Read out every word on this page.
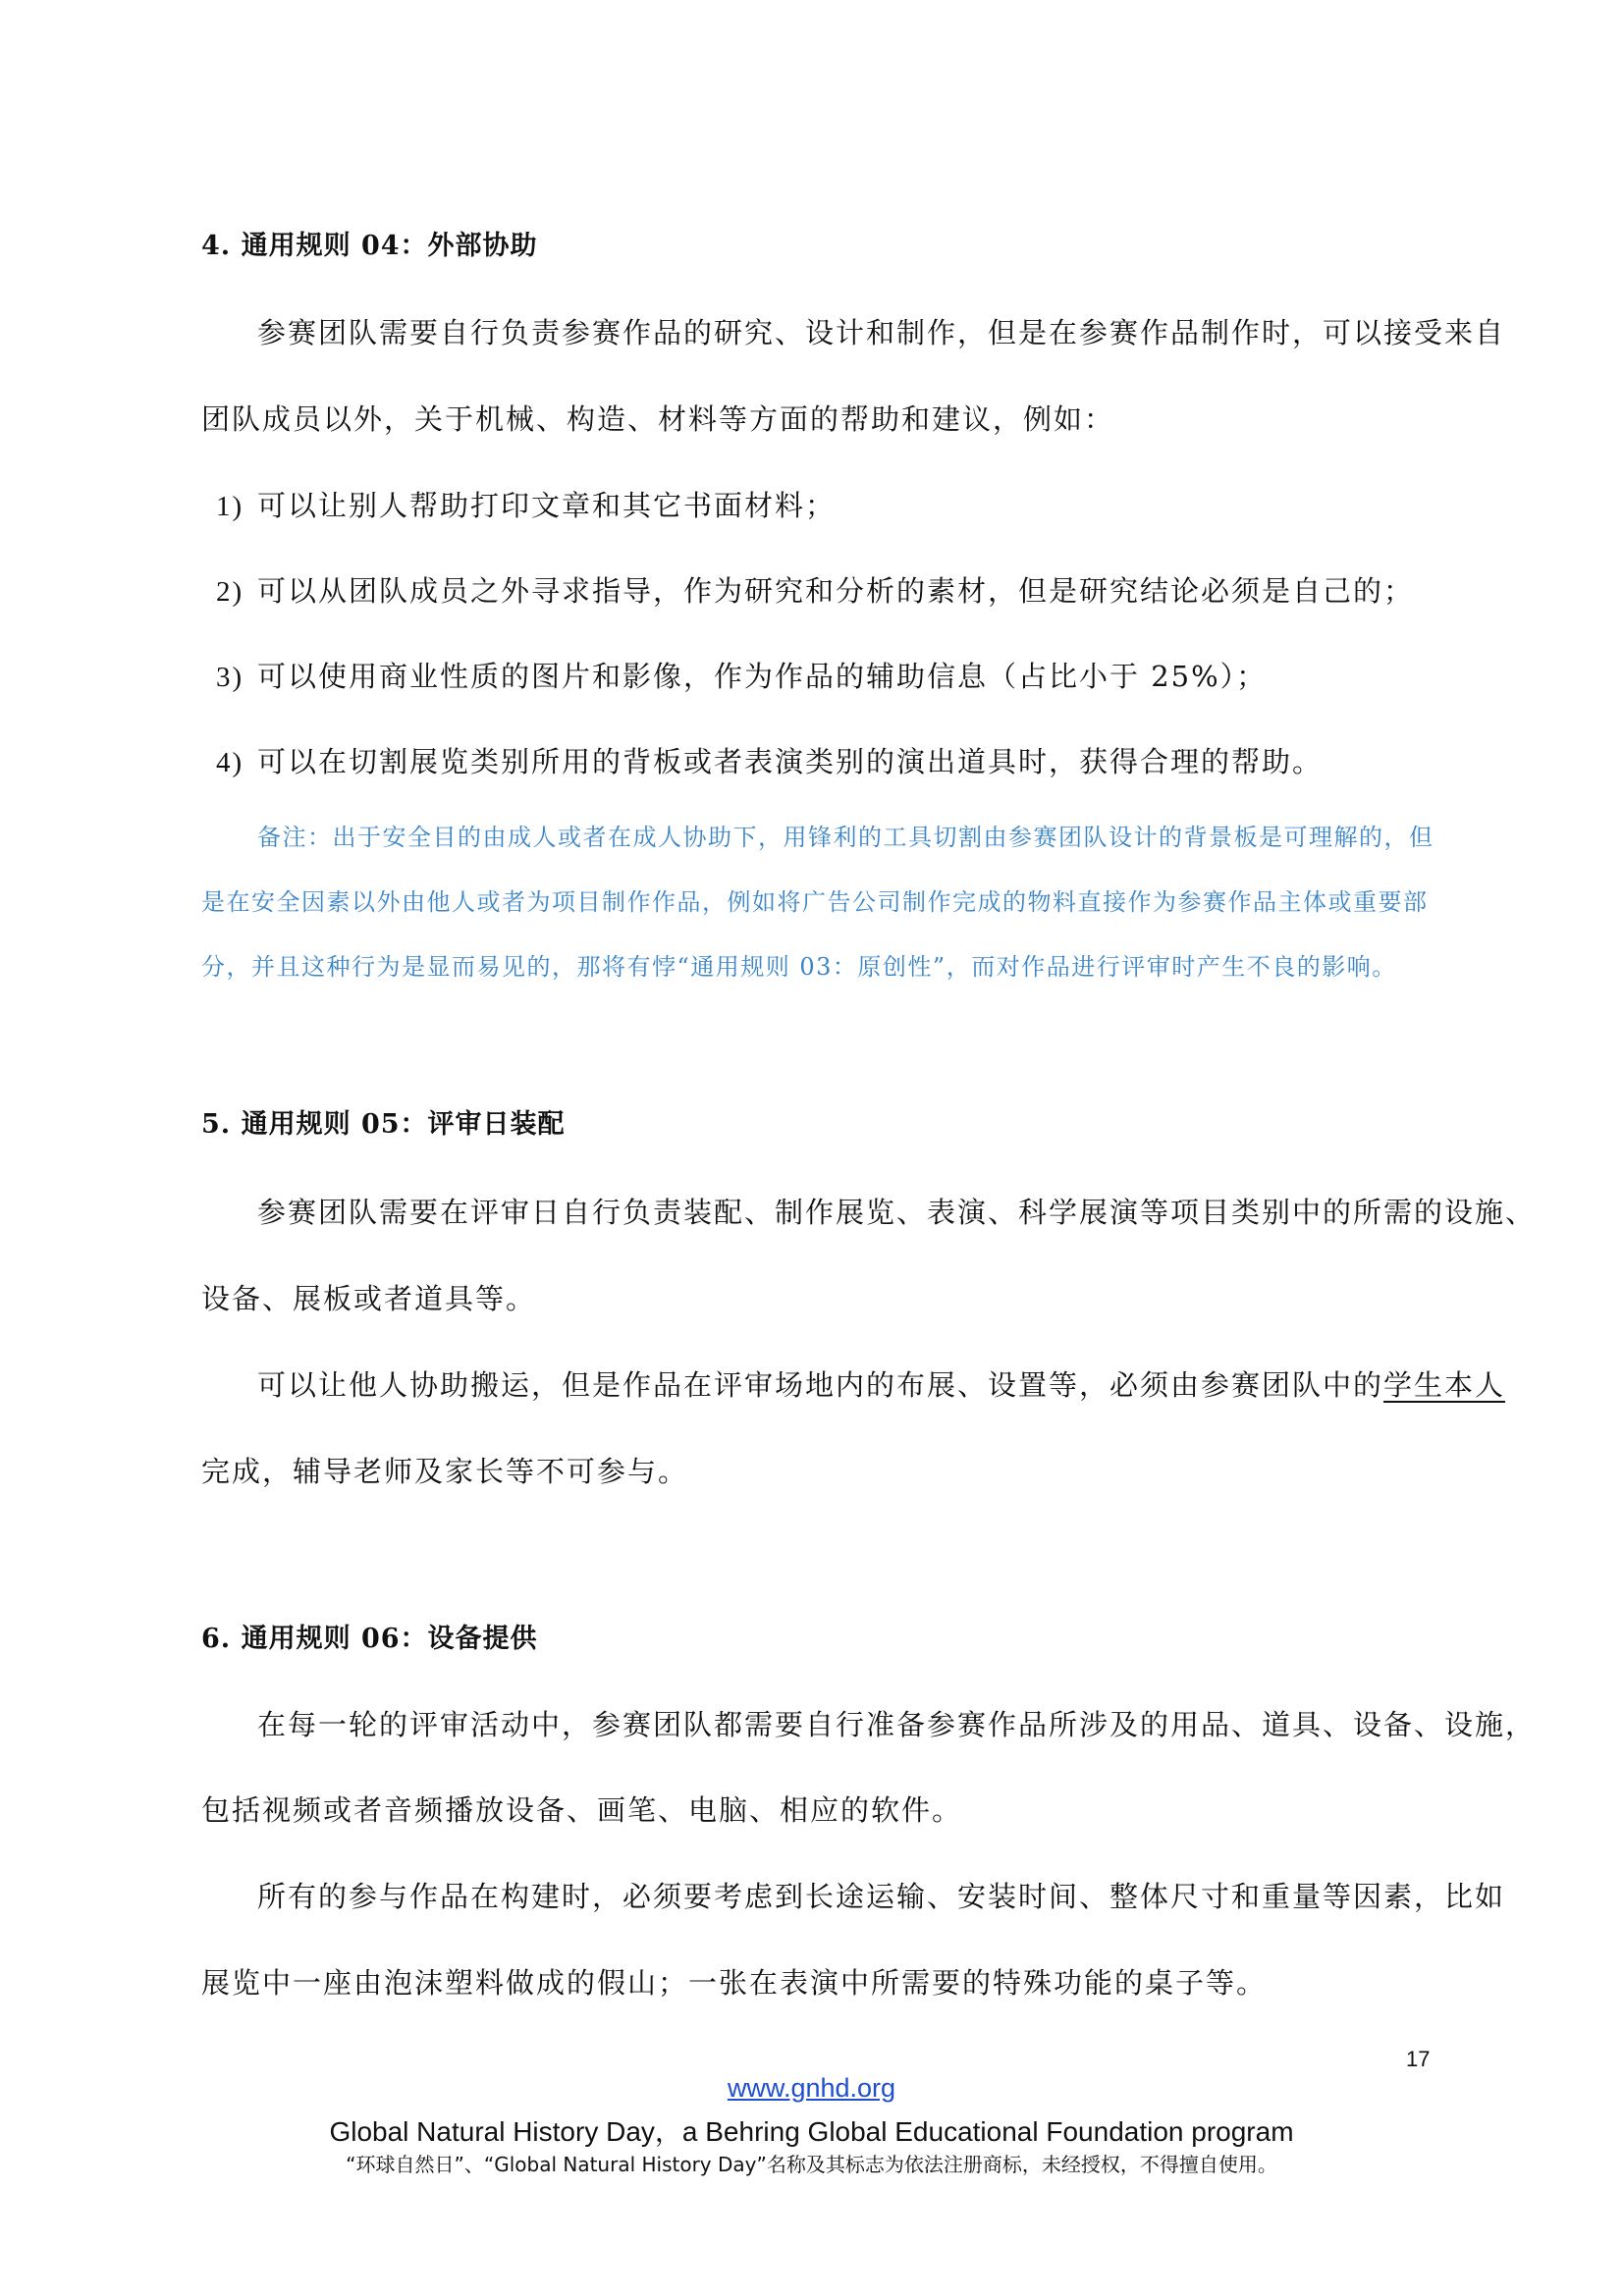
4. 通用规则 04：外部协助
参赛团队需要自行负责参赛作品的研究、设计和制作，但是在参赛作品制作时，可以接受来自
团队成员以外，关于机械、构造、材料等方面的帮助和建议，例如：
1) 可以让别人帮助打印文章和其它书面材料；
2) 可以从团队成员之外寻求指导，作为研究和分析的素材，但是研究结论必须是自己的；
3) 可以使用商业性质的图片和影像，作为作品的辅助信息（占比小于 25%）；
4) 可以在切割展览类别所用的背板或者表演类别的演出道具时，获得合理的帮助。
备注：出于安全目的由成人或者在成人协助下，用锋利的工具切割由参赛团队设计的背景板是可理解的，但
是在安全因素以外由他人或者为项目制作作品，例如将广告公司制作完成的物料直接作为参赛作品主体或重要部
分，并且这种行为是显而易见的，那将有悖“通用规则 03：原创性”，而对作品进行评审时产生不良的影响。
5. 通用规则 05：评审日装配
参赛团队需要在评审日自行负责装配、制作展览、表演、科学展演等项目类别中的所需的设施、
设备、展板或者道具等。
可以让他人协助搬运，但是作品在评审场地内的布展、设置等，必须由参赛团队中的学生本人
完成，辅导老师及家长等不可参与。
6. 通用规则 06：设备提供
在每一轮的评审活动中，参赛团队都需要自行准备参赛作品所涉及的用品、道具、设备、设施，
包括视频或者音频播放设备、画笔、电脑、相应的软件。
所有的参与作品在构建时，必须要考虑到长途运输、安装时间、整体尺寸和重量等因素，比如
展览中一座由泡沫塑料做成的假山；一张在表演中所需要的特殊功能的桌子等。
17
www.gnhd.org
Global Natural History Day，a Behring Global Educational Foundation program
“环球自然日”、“Global Natural History Day”名称及其标志为依法注册商标，未经授权，不得擅自使用。
